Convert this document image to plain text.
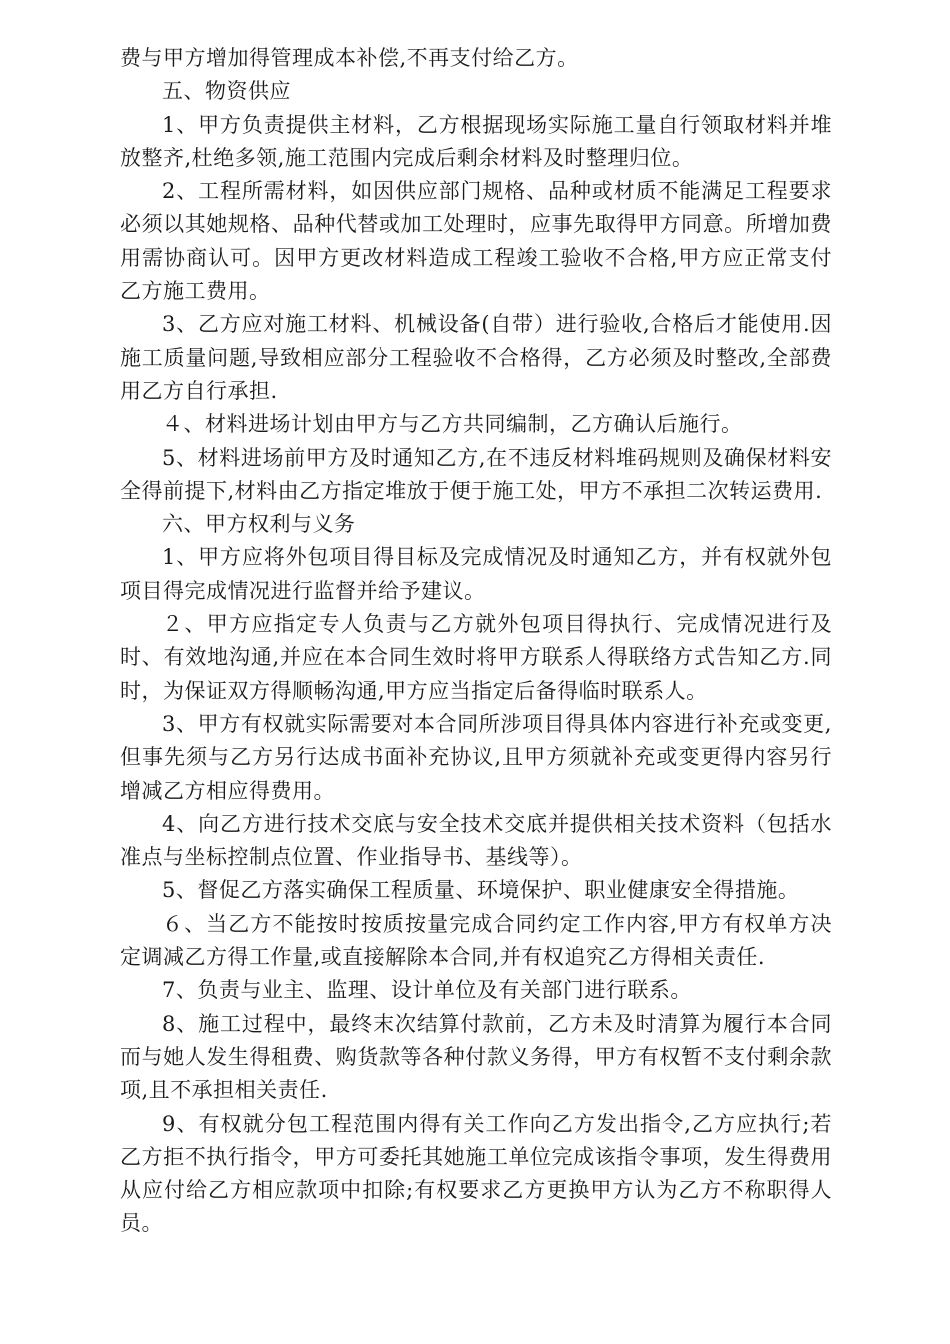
费与甲方增加得管理成本补偿,不再支付给乙方。

五、物资供应

1、甲方负责提供主材料，乙方根据现场实际施工量自行领取材料并堆放整齐,杜绝多领,施工范围内完成后剩余材料及时整理归位。

2、工程所需材料，如因供应部门规格、品种或材质不能满足工程要求必须以其她规格、品种代替或加工处理时，应事先取得甲方同意。所增加费用需协商认可。因甲方更改材料造成工程竣工验收不合格,甲方应正常支付乙方施工费用。

3、乙方应对施工材料、机械设备(自带）进行验收,合格后才能使用.因施工质量问题,导致相应部分工程验收不合格得，乙方必须及时整改,全部费用乙方自行承担.

４、材料进场计划由甲方与乙方共同编制，乙方确认后施行。

5、材料进场前甲方及时通知乙方,在不违反材料堆码规则及确保材料安全得前提下,材料由乙方指定堆放于便于施工处，甲方不承担二次转运费用.

六、甲方权利与义务

1、甲方应将外包项目得目标及完成情况及时通知乙方，并有权就外包项目得完成情况进行监督并给予建议。

２、甲方应指定专人负责与乙方就外包项目得执行、完成情况进行及时、有效地沟通,并应在本合同生效时将甲方联系人得联络方式告知乙方.同时，为保证双方得顺畅沟通,甲方应当指定后备得临时联系人。

3、甲方有权就实际需要对本合同所涉项目得具体内容进行补充或变更,但事先须与乙方另行达成书面补充协议,且甲方须就补充或变更得内容另行增减乙方相应得费用。

4、向乙方进行技术交底与安全技术交底并提供相关技术资料（包括水准点与坐标控制点位置、作业指导书、基线等）。

5、督促乙方落实确保工程质量、环境保护、职业健康安全得措施。

６、当乙方不能按时按质按量完成合同约定工作内容,甲方有权单方决定调减乙方得工作量,或直接解除本合同,并有权追究乙方得相关责任.

7、负责与业主、监理、设计单位及有关部门进行联系。

8、施工过程中，最终末次结算付款前，乙方未及时清算为履行本合同而与她人发生得租费、购货款等各种付款义务得，甲方有权暂不支付剩余款项,且不承担相关责任.

9、有权就分包工程范围内得有关工作向乙方发出指令,乙方应执行;若乙方拒不执行指令，甲方可委托其她施工单位完成该指令事项，发生得费用从应付给乙方相应款项中扣除;有权要求乙方更换甲方认为乙方不称职得人员。
